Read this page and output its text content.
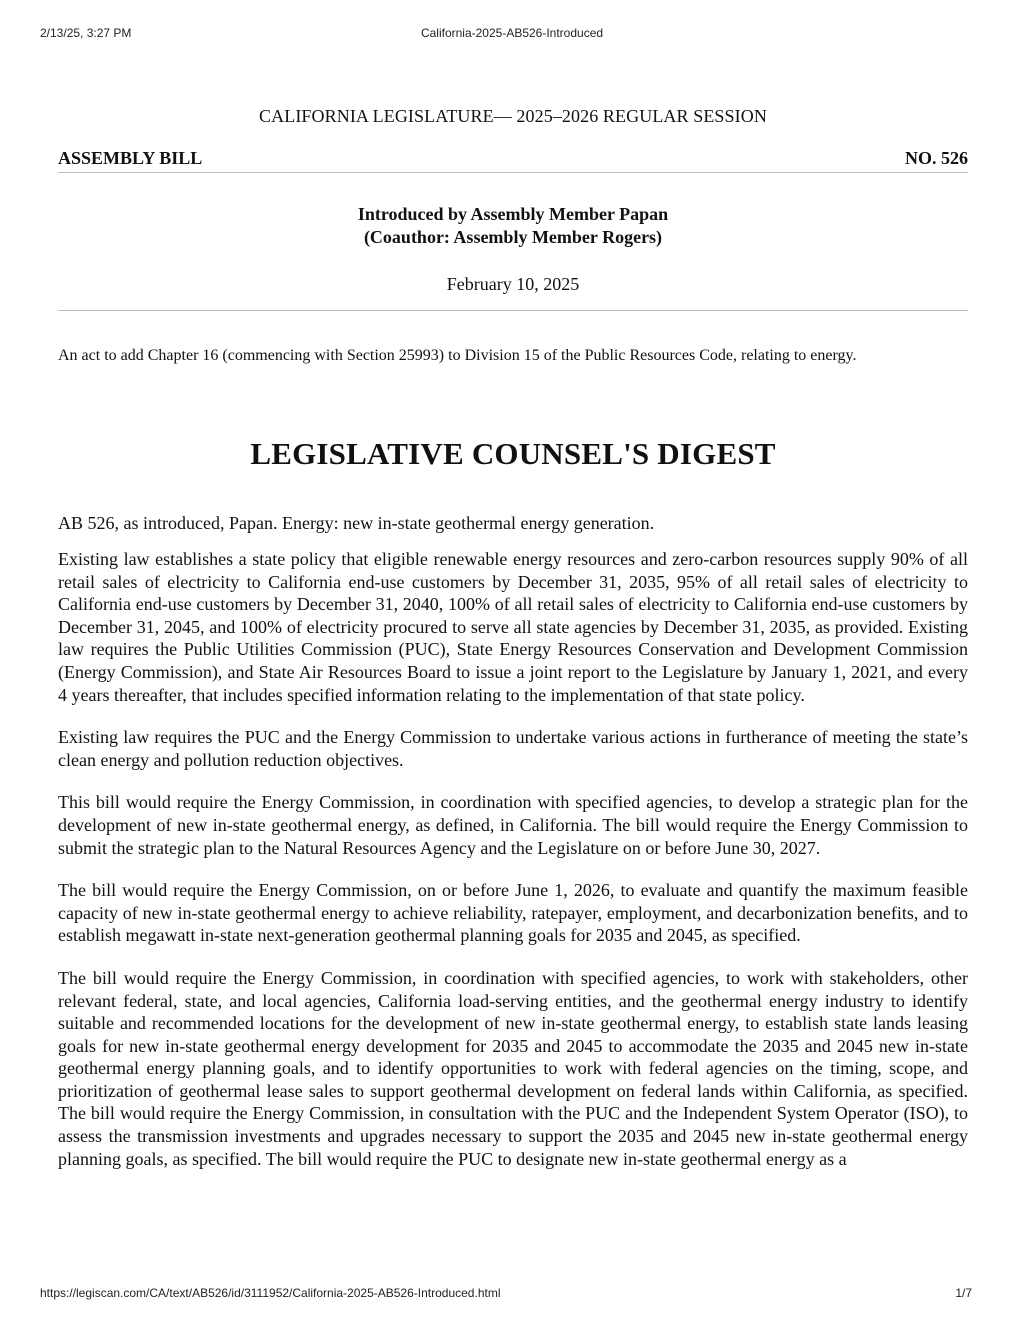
2/13/25, 3:27 PM	California-2025-AB526-Introduced
CALIFORNIA LEGISLATURE— 2025–2026 REGULAR SESSION
ASSEMBLY BILL	NO. 526
Introduced by Assembly Member Papan
(Coauthor: Assembly Member Rogers)
February 10, 2025
An act to add Chapter 16 (commencing with Section 25993) to Division 15 of the Public Resources Code, relating to energy.
LEGISLATIVE COUNSEL'S DIGEST
AB 526, as introduced, Papan. Energy: new in-state geothermal energy generation.

Existing law establishes a state policy that eligible renewable energy resources and zero-carbon resources supply 90% of all retail sales of electricity to California end-use customers by December 31, 2035, 95% of all retail sales of electricity to California end-use customers by December 31, 2040, 100% of all retail sales of electricity to California end-use customers by December 31, 2045, and 100% of electricity procured to serve all state agencies by December 31, 2035, as provided. Existing law requires the Public Utilities Commission (PUC), State Energy Resources Conservation and Development Commission (Energy Commission), and State Air Resources Board to issue a joint report to the Legislature by January 1, 2021, and every 4 years thereafter, that includes specified information relating to the implementation of that state policy.

Existing law requires the PUC and the Energy Commission to undertake various actions in furtherance of meeting the state’s clean energy and pollution reduction objectives.

This bill would require the Energy Commission, in coordination with specified agencies, to develop a strategic plan for the development of new in-state geothermal energy, as defined, in California. The bill would require the Energy Commission to submit the strategic plan to the Natural Resources Agency and the Legislature on or before June 30, 2027.

The bill would require the Energy Commission, on or before June 1, 2026, to evaluate and quantify the maximum feasible capacity of new in-state geothermal energy to achieve reliability, ratepayer, employment, and decarbonization benefits, and to establish megawatt in-state next-generation geothermal planning goals for 2035 and 2045, as specified.

The bill would require the Energy Commission, in coordination with specified agencies, to work with stakeholders, other relevant federal, state, and local agencies, California load-serving entities, and the geothermal energy industry to identify suitable and recommended locations for the development of new in-state geothermal energy, to establish state lands leasing goals for new in-state geothermal energy development for 2035 and 2045 to accommodate the 2035 and 2045 new in-state geothermal energy planning goals, and to identify opportunities to work with federal agencies on the timing, scope, and prioritization of geothermal lease sales to support geothermal development on federal lands within California, as specified. The bill would require the Energy Commission, in consultation with the PUC and the Independent System Operator (ISO), to assess the transmission investments and upgrades necessary to support the 2035 and 2045 new in-state geothermal energy planning goals, as specified. The bill would require the PUC to designate new in-state geothermal energy as a

https://legiscan.com/CA/text/AB526/id/3111952/California-2025-AB526-Introduced.html	1/7
